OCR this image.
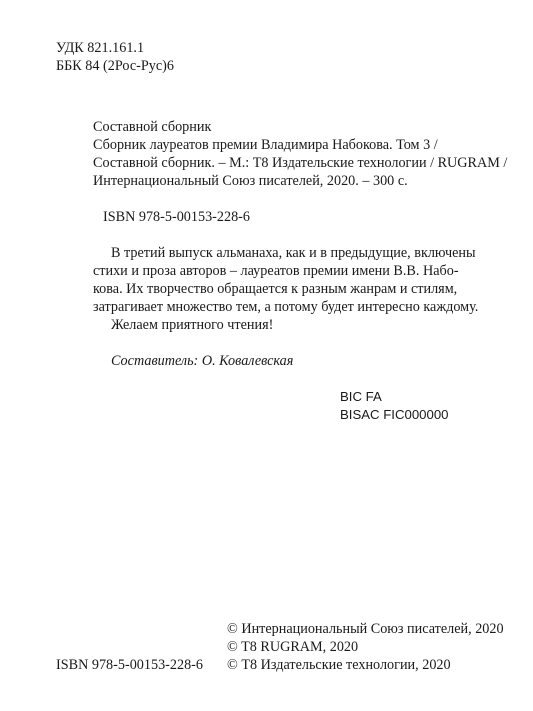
УДК 821.161.1
ББК 84 (2Рос-Рус)6
Составной сборник
Сборник лауреатов премии Владимира Набокова. Том 3 /
Составной сборник. – М.: Т8 Издательские технологии / RUGRAM /
Интернациональный Союз писателей, 2020. – 300 с.
ISBN 978-5-00153-228-6
В третий выпуск альманаха, как и в предыдущие, включены
стихи и проза авторов – лауреатов премии имени В.В. Набо-
кова. Их творчество обращается к разным жанрам и стилям,
затрагивает множество тем, а потому будет интересно каждому.
Желаем приятного чтения!
Составитель: О. Ковалевская
BIC FA
BISAC FIC000000
© Интернациональный Союз писателей, 2020
© T8 RUGRAM, 2020
© Т8 Издательские технологии, 2020
ISBN 978-5-00153-228-6
